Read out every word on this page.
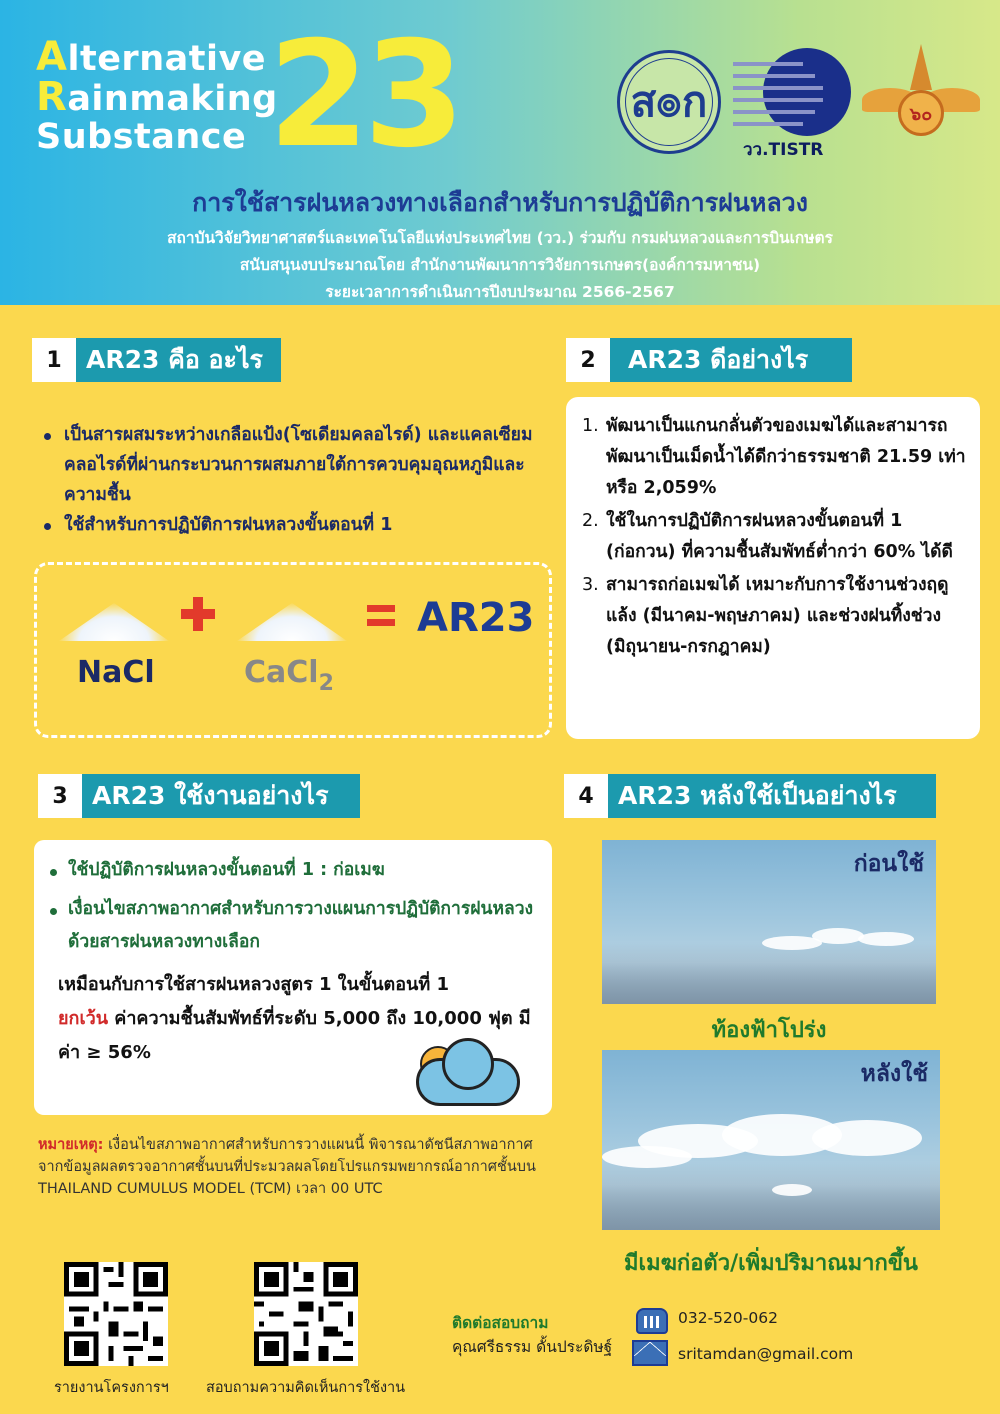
Alternative
Rainmaking
Substance 23	ส๏ก
วว.TISTR
๖๐
การใช้สารฝนหลวงทางเลือกสำหรับการปฏิบัติการฝนหลวง
สถาบันวิจัยวิทยาศาสตร์และเทคโนโลยีแห่งประเทศไทย (วว.) ร่วมกับ กรมฝนหลวงและการบินเกษตร
สนับสนุนงบประมาณโดย สำนักงานพัฒนาการวิจัยการเกษตร(องค์การมหาชน)
ระยะเวลาการดำเนินการปีงบประมาณ 2566-2567
1 AR23 คือ อะไร
เป็นสารผสมระหว่างเกลือแป้ง(โซเดียมคลอไรด์) และแคลเซียมคลอไรด์ที่ผ่านกระบวนการผสมภายใต้การควบคุมอุณหภูมิและความชื้น
ใช้สำหรับการปฏิบัติการฝนหลวงขั้นตอนที่ 1
AR23
NaCl	CaCl$_2$
2	AR23 ดีอย่างไร
1. พัฒนาเป็นแกนกลั่นตัวของเมฆได้และสามารถพัฒนาเป็นเม็ดน้ำได้ดีกว่าธรรมชาติ 21.59 เท่า หรือ 2,059%
2. ใช้ในการปฏิบัติการฝนหลวงขั้นตอนที่ 1 (ก่อกวน) ที่ความชื้นสัมพัทธ์ต่ำกว่า 60% ได้ดี
3. สามารถก่อเมฆได้ เหมาะกับการใช้งานช่วงฤดูแล้ง (มีนาคม-พฤษภาคม) และช่วงฝนทิ้งช่วง (มิถุนายน-กรกฎาคม)
3 AR23 ใช้งานอย่างไร
ใช้ปฏิบัติการฝนหลวงขั้นตอนที่ 1 : ก่อเมฆ
เงื่อนไขสภาพอากาศสำหรับการวางแผนการปฏิบัติการฝนหลวงด้วยสารฝนหลวงทางเลือก
เหมือนกับการใช้สารฝนหลวงสูตร 1 ในขั้นตอนที่ 1
ยกเว้น ค่าความชื้นสัมพัทธ์ที่ระดับ 5,000 ถึง 10,000 ฟุต มีค่า ≥ 56%
หมายเหตุ: เงื่อนไขสภาพอากาศสำหรับการวางแผนนี้ พิจารณาดัชนีสภาพอากาศจากข้อมูลผลตรวจอากาศชั้นบนที่ประมวลผลโดยโปรแกรมพยากรณ์อากาศชั้นบน THAILAND CUMULUS MODEL (TCM) เวลา 00 UTC
4 AR23 หลังใช้เป็นอย่างไร
ก่อนใช้
ท้องฟ้าโปร่ง
หลังใช้
มีเมฆก่อตัว/เพิ่มปริมาณมากขึ้น
รายงานโครงการฯ	สอบถามความคิดเห็นการใช้งาน
ติดต่อสอบถาม
คุณศรีธรรม ดั้นประดิษฐ์
032-520-062
sritamdan@gmail.com
